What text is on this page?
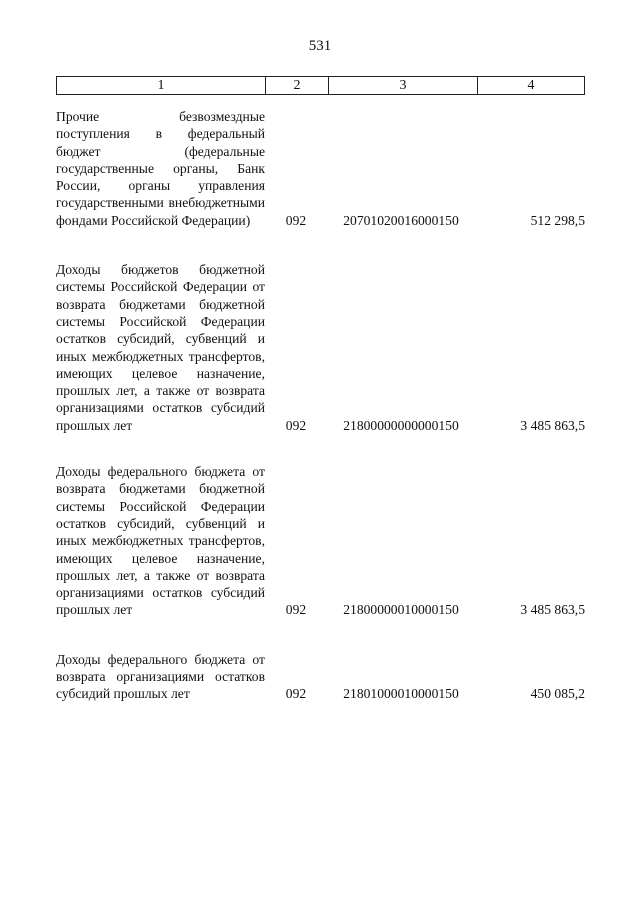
531
1	2	3	4
Прочие безвозмездные поступления в федеральный бюджет (федеральные государственные органы, Банк России, органы управления государственными внебюджетными фондами Российской Федерации)	092	20701020016000150	512 298,5
Доходы бюджетов бюджетной системы Российской Федерации от возврата бюджетами бюджетной системы Российской Федерации остатков субсидий, субвенций и иных межбюджетных трансфертов, имеющих целевое назначение, прошлых лет, а также от возврата организациями остатков субсидий прошлых лет	092	21800000000000150	3 485 863,5
Доходы федерального бюджета от возврата бюджетами бюджетной системы Российской Федерации остатков субсидий, субвенций и иных межбюджетных трансфертов, имеющих целевое назначение, прошлых лет, а также от возврата организациями остатков субсидий прошлых лет	092	21800000010000150	3 485 863,5
Доходы федерального бюджета от возврата организациями остатков субсидий прошлых лет	092	21801000010000150	450 085,2
